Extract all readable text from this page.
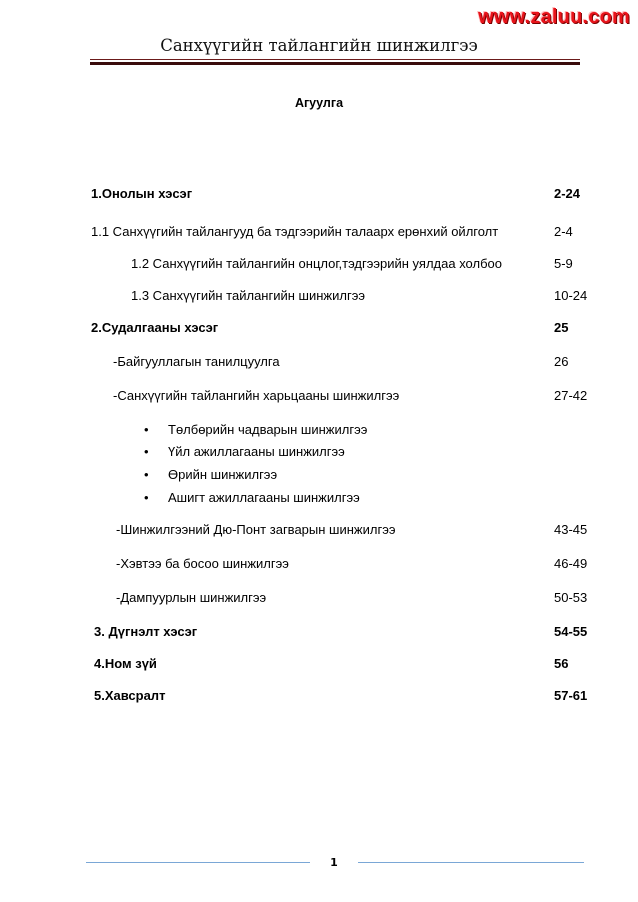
www.zaluu.com
Санхүүгийн тайлангийн шинжилгээ
Агуулга
1.Онолын хэсэг	2-24
1.1 Санхүүгийн тайлангууд ба тэдгээрийн талаарх ерөнхий ойлголт	2-4
1.2 Санхүүгийн тайлангийн онцлог,тэдгээрийн уялдаа холбоо	5-9
1.3 Санхүүгийн тайлангийн шинжилгээ	10-24
2.Судалгааны хэсэг	25
-Байгууллагын танилцуулга	26
-Санхүүгийн тайлангийн харьцааны шинжилгээ	27-42
• Төлбөрийн чадварын шинжилгээ
• Үйл ажиллагааны шинжилгээ
• Өрийн шинжилгээ
• Ашигт ажиллагааны шинжилгээ
-Шинжилгээний Дю-Понт загварын шинжилгээ	43-45
-Хэвтээ ба босоо шинжилгээ	46-49
-Дампуурлын шинжилгээ	50-53
3. Дүгнэлт хэсэг	54-55
4.Ном зүй	56
5.Хавсралт	57-61
1
